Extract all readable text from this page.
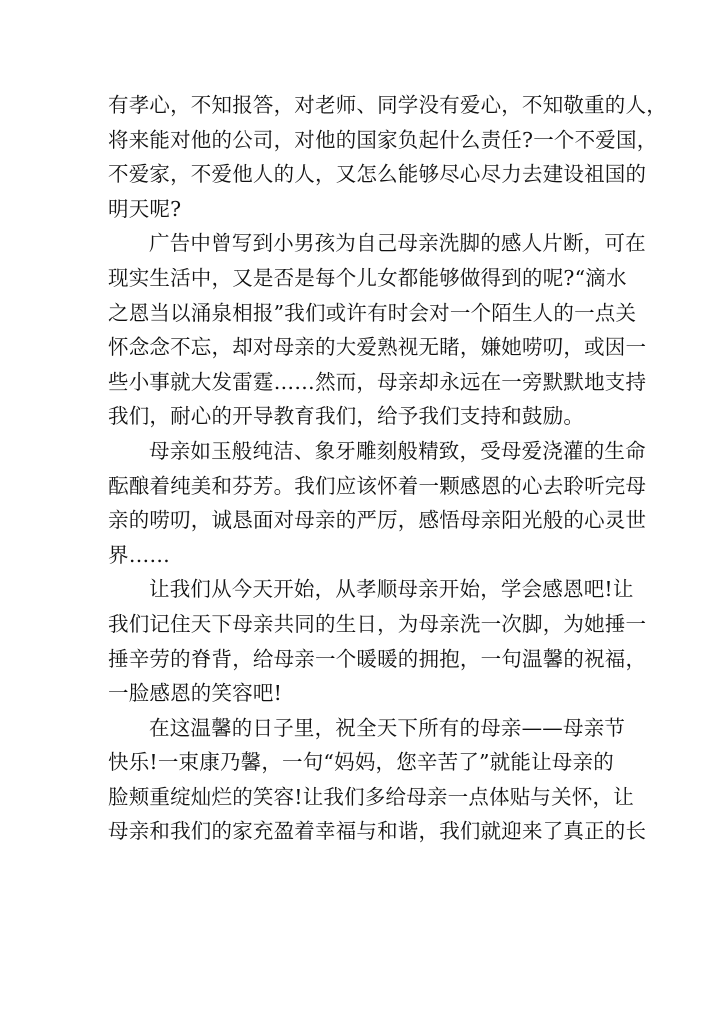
有孝心，不知报答，对老师、同学没有爱心，不知敬重的人，
将来能对他的公司，对他的国家负起什么责任?一个不爱国，
不爱家，不爱他人的人，又怎么能够尽心尽力去建设祖国的
明天呢?
广告中曾写到小男孩为自己母亲洗脚的感人片断，可在
现实生活中，又是否是每个儿女都能够做得到的呢?“滴水
之恩当以涌泉相报”我们或许有时会对一个陌生人的一点关
怀念念不忘，却对母亲的大爱熟视无睹，嫌她唠叨，或因一
些小事就大发雷霆……然而，母亲却永远在一旁默默地支持
我们，耐心的开导教育我们，给予我们支持和鼓励。
母亲如玉般纯洁、象牙雕刻般精致，受母爱浇灌的生命
酝酿着纯美和芬芳。我们应该怀着一颗感恩的心去聆听完母
亲的唠叨，诚恳面对母亲的严厉，感悟母亲阳光般的心灵世
界……
让我们从今天开始，从孝顺母亲开始，学会感恩吧!让
我们记住天下母亲共同的生日，为母亲洗一次脚，为她捶一
捶辛劳的脊背，给母亲一个暖暖的拥抱，一句温馨的祝福，
一脸感恩的笑容吧!
在这温馨的日子里，祝全天下所有的母亲——母亲节
快乐!一束康乃馨，一句“妈妈，您辛苦了”就能让母亲的
脸颊重绽灿烂的笑容!让我们多给母亲一点体贴与关怀，让
母亲和我们的家充盈着幸福与和谐，我们就迎来了真正的长
